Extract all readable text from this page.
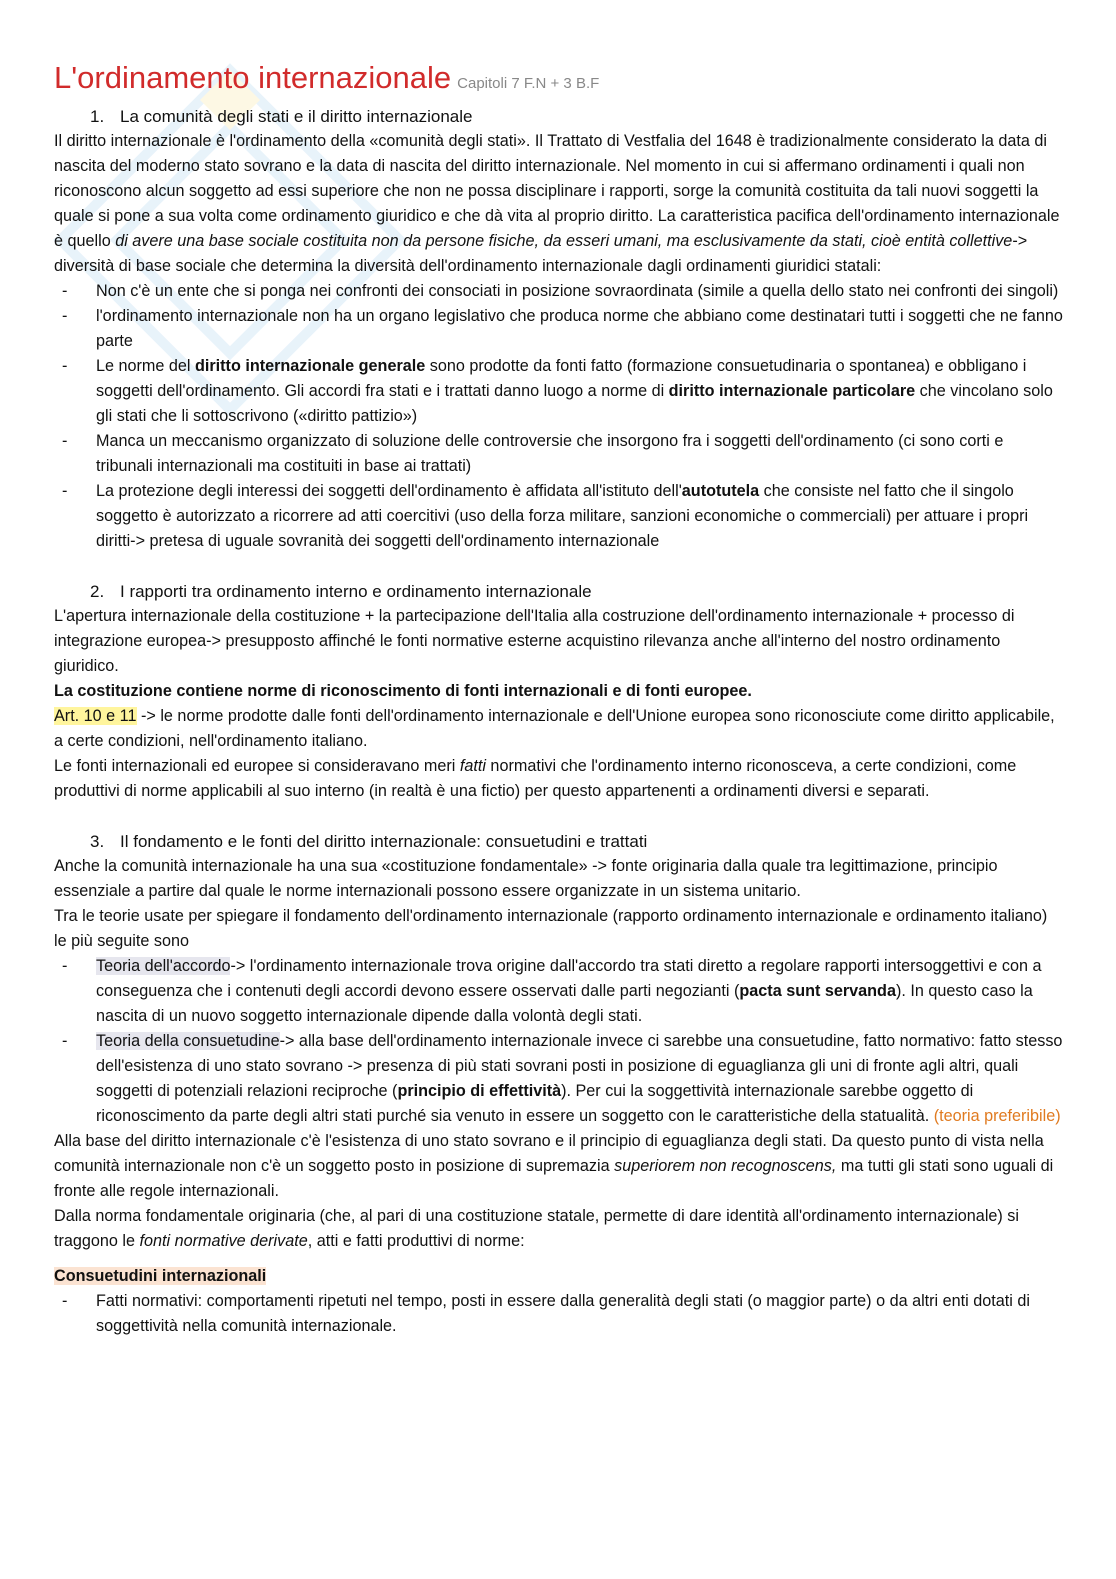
L'ordinamento internazionale Capitoli 7 F.N + 3 B.F
1. La comunità degli stati e il diritto internazionale

Il diritto internazionale è l'ordinamento della «comunità degli stati». Il Trattato di Vestfalia del 1648 è tradizionalmente considerato la data di nascita del moderno stato sovrano e la data di nascita del diritto internazionale. Nel momento in cui si affermano ordinamenti i quali non riconoscono alcun soggetto ad essi superiore che non ne possa disciplinare i rapporti, sorge la comunità costituita da tali nuovi soggetti la quale si pone a sua volta come ordinamento giuridico e che dà vita al proprio diritto. La caratteristica pacifica dell'ordinamento internazionale è quello di avere una base sociale costituita non da persone fisiche, da esseri umani, ma esclusivamente da stati, cioè entità collettive-> diversità di base sociale che determina la diversità dell'ordinamento internazionale dagli ordinamenti giuridici statali:

- Non c'è un ente che si ponga nei confronti dei consociati in posizione sovraordinata (simile a quella dello stato nei confronti dei singoli)
- l'ordinamento internazionale non ha un organo legislativo che produca norme che abbiano come destinatari tutti i soggetti che ne fanno parte
- Le norme del diritto internazionale generale sono prodotte da fonti fatto (formazione consuetudinaria o spontanea) e obbligano i soggetti dell'ordinamento. Gli accordi fra stati e i trattati danno luogo a norme di diritto internazionale particolare che vincolano solo gli stati che li sottoscrivono («diritto pattizio»)
- Manca un meccanismo organizzato di soluzione delle controversie che insorgono fra i soggetti dell'ordinamento (ci sono corti e tribunali internazionali ma costituiti in base ai trattati)
- La protezione degli interessi dei soggetti dell'ordinamento è affidata all'istituto dell'autotutela che consiste nel fatto che il singolo soggetto è autorizzato a ricorrere ad atti coercitivi (uso della forza militare, sanzioni economiche o commerciali) per attuare i propri diritti-> pretesa di uguale sovranità dei soggetti dell'ordinamento internazionale
2. I rapporti tra ordinamento interno e ordinamento internazionale

L'apertura internazionale della costituzione + la partecipazione dell'Italia alla costruzione dell'ordinamento internazionale + processo di integrazione europea-> presupposto affinché le fonti normative esterne acquistino rilevanza anche all'interno del nostro ordinamento giuridico.

La costituzione contiene norme di riconoscimento di fonti internazionali e di fonti europee.

Art. 10 e 11 -> le norme prodotte dalle fonti dell'ordinamento internazionale e dell'Unione europea sono riconosciute come diritto applicabile, a certe condizioni, nell'ordinamento italiano.

Le fonti internazionali ed europee si consideravano meri fatti normativi che l'ordinamento interno riconosceva, a certe condizioni, come produttivi di norme applicabili al suo interno (in realtà è una fictio) per questo appartenenti a ordinamenti diversi e separati.

3. Il fondamento e le fonti del diritto internazionale: consuetudini e trattati

Anche la comunità internazionale ha una sua «costituzione fondamentale» -> fonte originaria dalla quale tra legittimazione, principio essenziale a partire dal quale le norme internazionali possono essere organizzate in un sistema unitario.

Tra le teorie usate per spiegare il fondamento dell'ordinamento internazionale (rapporto ordinamento internazionale e ordinamento italiano) le più seguite sono

- Teoria dell'accordo-> l'ordinamento internazionale trova origine dall'accordo tra stati diretto a regolare rapporti intersoggettivi e con a conseguenza che i contenuti degli accordi devono essere osservati dalle parti negozianti (pacta sunt servanda). In questo caso la nascita di un nuovo soggetto internazionale dipende dalla volontà degli stati.
- Teoria della consuetudine-> alla base dell'ordinamento internazionale invece ci sarebbe una consuetudine, fatto normativo: fatto stesso dell'esistenza di uno stato sovrano -> presenza di più stati sovrani posti in posizione di eguaglianza gli uni di fronte agli altri, quali soggetti di potenziali relazioni reciproche (principio di effettività). Per cui la soggettività internazionale sarebbe oggetto di riconoscimento da parte degli altri stati purché sia venuto in essere un soggetto con le caratteristiche della statualità. (teoria preferibile)

Alla base del diritto internazionale c'è l'esistenza di uno stato sovrano e il principio di eguaglianza degli stati. Da questo punto di vista nella comunità internazionale non c'è un soggetto posto in posizione di supremazia superiorem non recognoscens, ma tutti gli stati sono uguali di fronte alle regole internazionali.

Dalla norma fondamentale originaria (che, al pari di una costituzione statale, permette di dare identità all'ordinamento internazionale) si traggono le fonti normative derivate, atti e fatti produttivi di norme:

Consuetudini internazionali

- Fatti normativi: comportamenti ripetuti nel tempo, posti in essere dalla generalità degli stati (o maggior parte) o da altri enti dotati di soggettività nella comunità internazionale.
